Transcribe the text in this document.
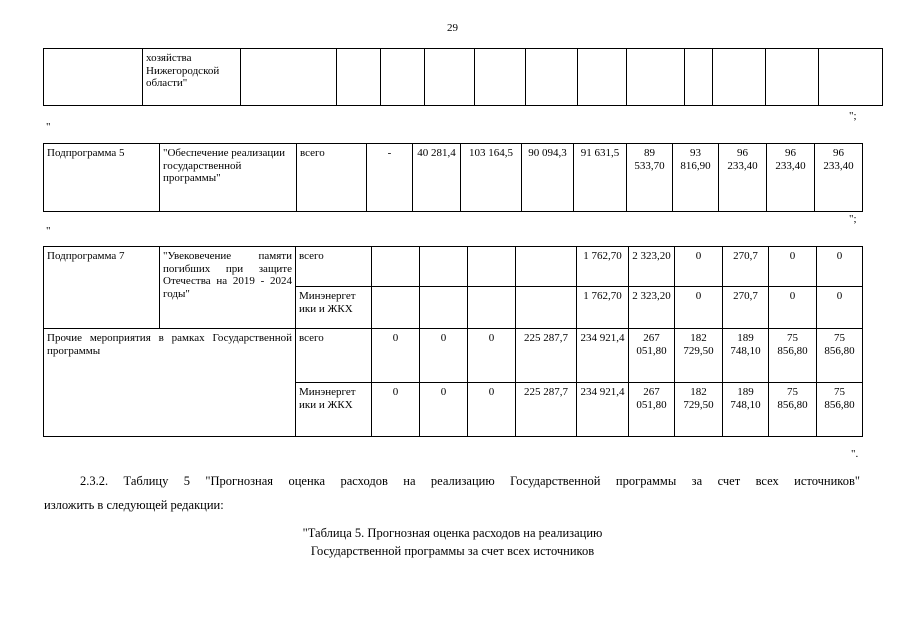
29
	хозяйства Нижегородской области"												
";
"
Подпрограмма 5	"Обеспечение реализации государственной программы"	всего	-	40 281,4	103 164,5	90 094,3	91 631,5	89 533,70	93 816,90	96 233,40	96 233,40	96 233,40
";
"
Подпрограмма 7	"Увековечение памяти погибших при защите Отечества на 2019 - 2024 годы"	всего					1 762,70	2 323,20	0	270,7	0	0
		Минэнергет ики и ЖКХ					1 762,70	2 323,20	0	270,7	0	0
Прочие мероприятия в рамках Государственной программы		всего	0	0	0	225 287,7	234 921,4	267 051,80	182 729,50	189 748,10	75 856,80	75 856,80
		Минэнергет ики и ЖКХ	0	0	0	225 287,7	234 921,4	267 051,80	182 729,50	189 748,10	75 856,80	75 856,80
".
2.3.2. Таблицу 5 "Прогнозная оценка расходов на реализацию Государственной программы за счет всех источников"
изложить в следующей редакции:
"Таблица 5. Прогнозная оценка расходов на реализацию
Государственной программы за счет всех источников
